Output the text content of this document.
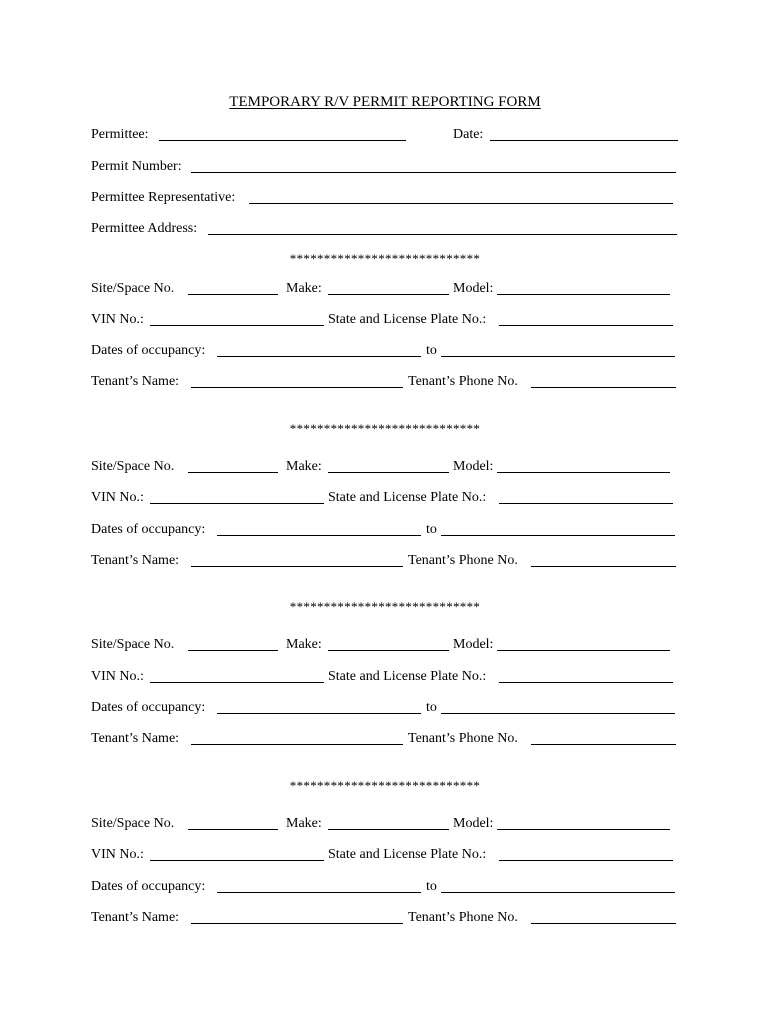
TEMPORARY R/V PERMIT REPORTING FORM
Permittee:	Date:
Permit Number:
Permittee Representative:
Permittee Address:
****************************
Site/Space No.	Make:	Model:
VIN No.:	State and License Plate No.:
Dates of occupancy:	to
Tenant’s Name:	Tenant’s Phone No.
****************************
Site/Space No.	Make:	Model:
VIN No.:	State and License Plate No.:
Dates of occupancy:	to
Tenant’s Name:	Tenant’s Phone No.
****************************
Site/Space No.	Make:	Model:
VIN No.:	State and License Plate No.:
Dates of occupancy:	to
Tenant’s Name:	Tenant’s Phone No.
****************************
Site/Space No.	Make:	Model:
VIN No.:	State and License Plate No.:
Dates of occupancy:	to
Tenant’s Name:	Tenant’s Phone No.
